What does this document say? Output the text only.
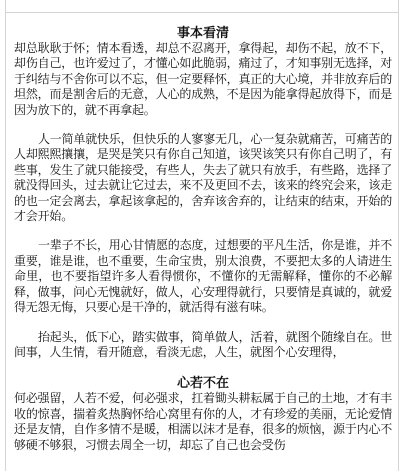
事本看清

却总耿耿于怀；情本看透，却总不忍离开，拿得起，却伤不起，放不下，却伤自己，也许爱过了，才懂心如此脆弱，痛过了，才知事别无选择，对于纠结与不舍你可以不忘，但一定要释怀，真正的大心境，并非放弃后的坦然，而是割舍后的无意，人心的成熟，不是因为能拿得起放得下，而是因为放下的，就不再拿起。

人一简单就快乐，但快乐的人寥寥无几，心一复杂就痛苦，可痛苦的人却熙熙攘攘，是哭是笑只有你自己知道，该哭该笑只有你自己明了，有些事，发生了就只能接受，有些人，失去了就只有放手，有些路，选择了就没得回头，过去就让它过去，来不及更回不去，该来的终究会来，该走的也一定会离去，拿起该拿起的，舍弃该舍弃的，让结束的结束，开始的才会开始。

一辈子不长，用心甘情愿的态度，过想要的平凡生活，你是谁，并不重要，谁是谁，也不重要，生命宝贵，别太浪费，不要把太多的人请进生命里，也不要指望许多人看得惯你，不懂你的无需解释，懂你的不必解释，做事，问心无愧就好，做人，心安理得就行，只要情是真诚的，就爱得无怨无悔，只要心是干净的，就活得有滋有味。

抬起头，低下心，踏实做事，简单做人，活着，就图个随缘自在。世间事，人生情，看开随意，看淡无虑，人生，就图个心安理得，

心若不在

何必强留，人若不爱，何必强求，扛着锄头耕耘属于自己的土地，才有丰收的惊喜，揣着炙热胸怀给心窝里有你的人，才有珍爱的美丽，无论爱情还是友情，自作多情不是暖，相濡以沫才是春，很多的烦恼，源于内心不够硬不够狠，习惯去周全一切，却忘了自己也会受伤
